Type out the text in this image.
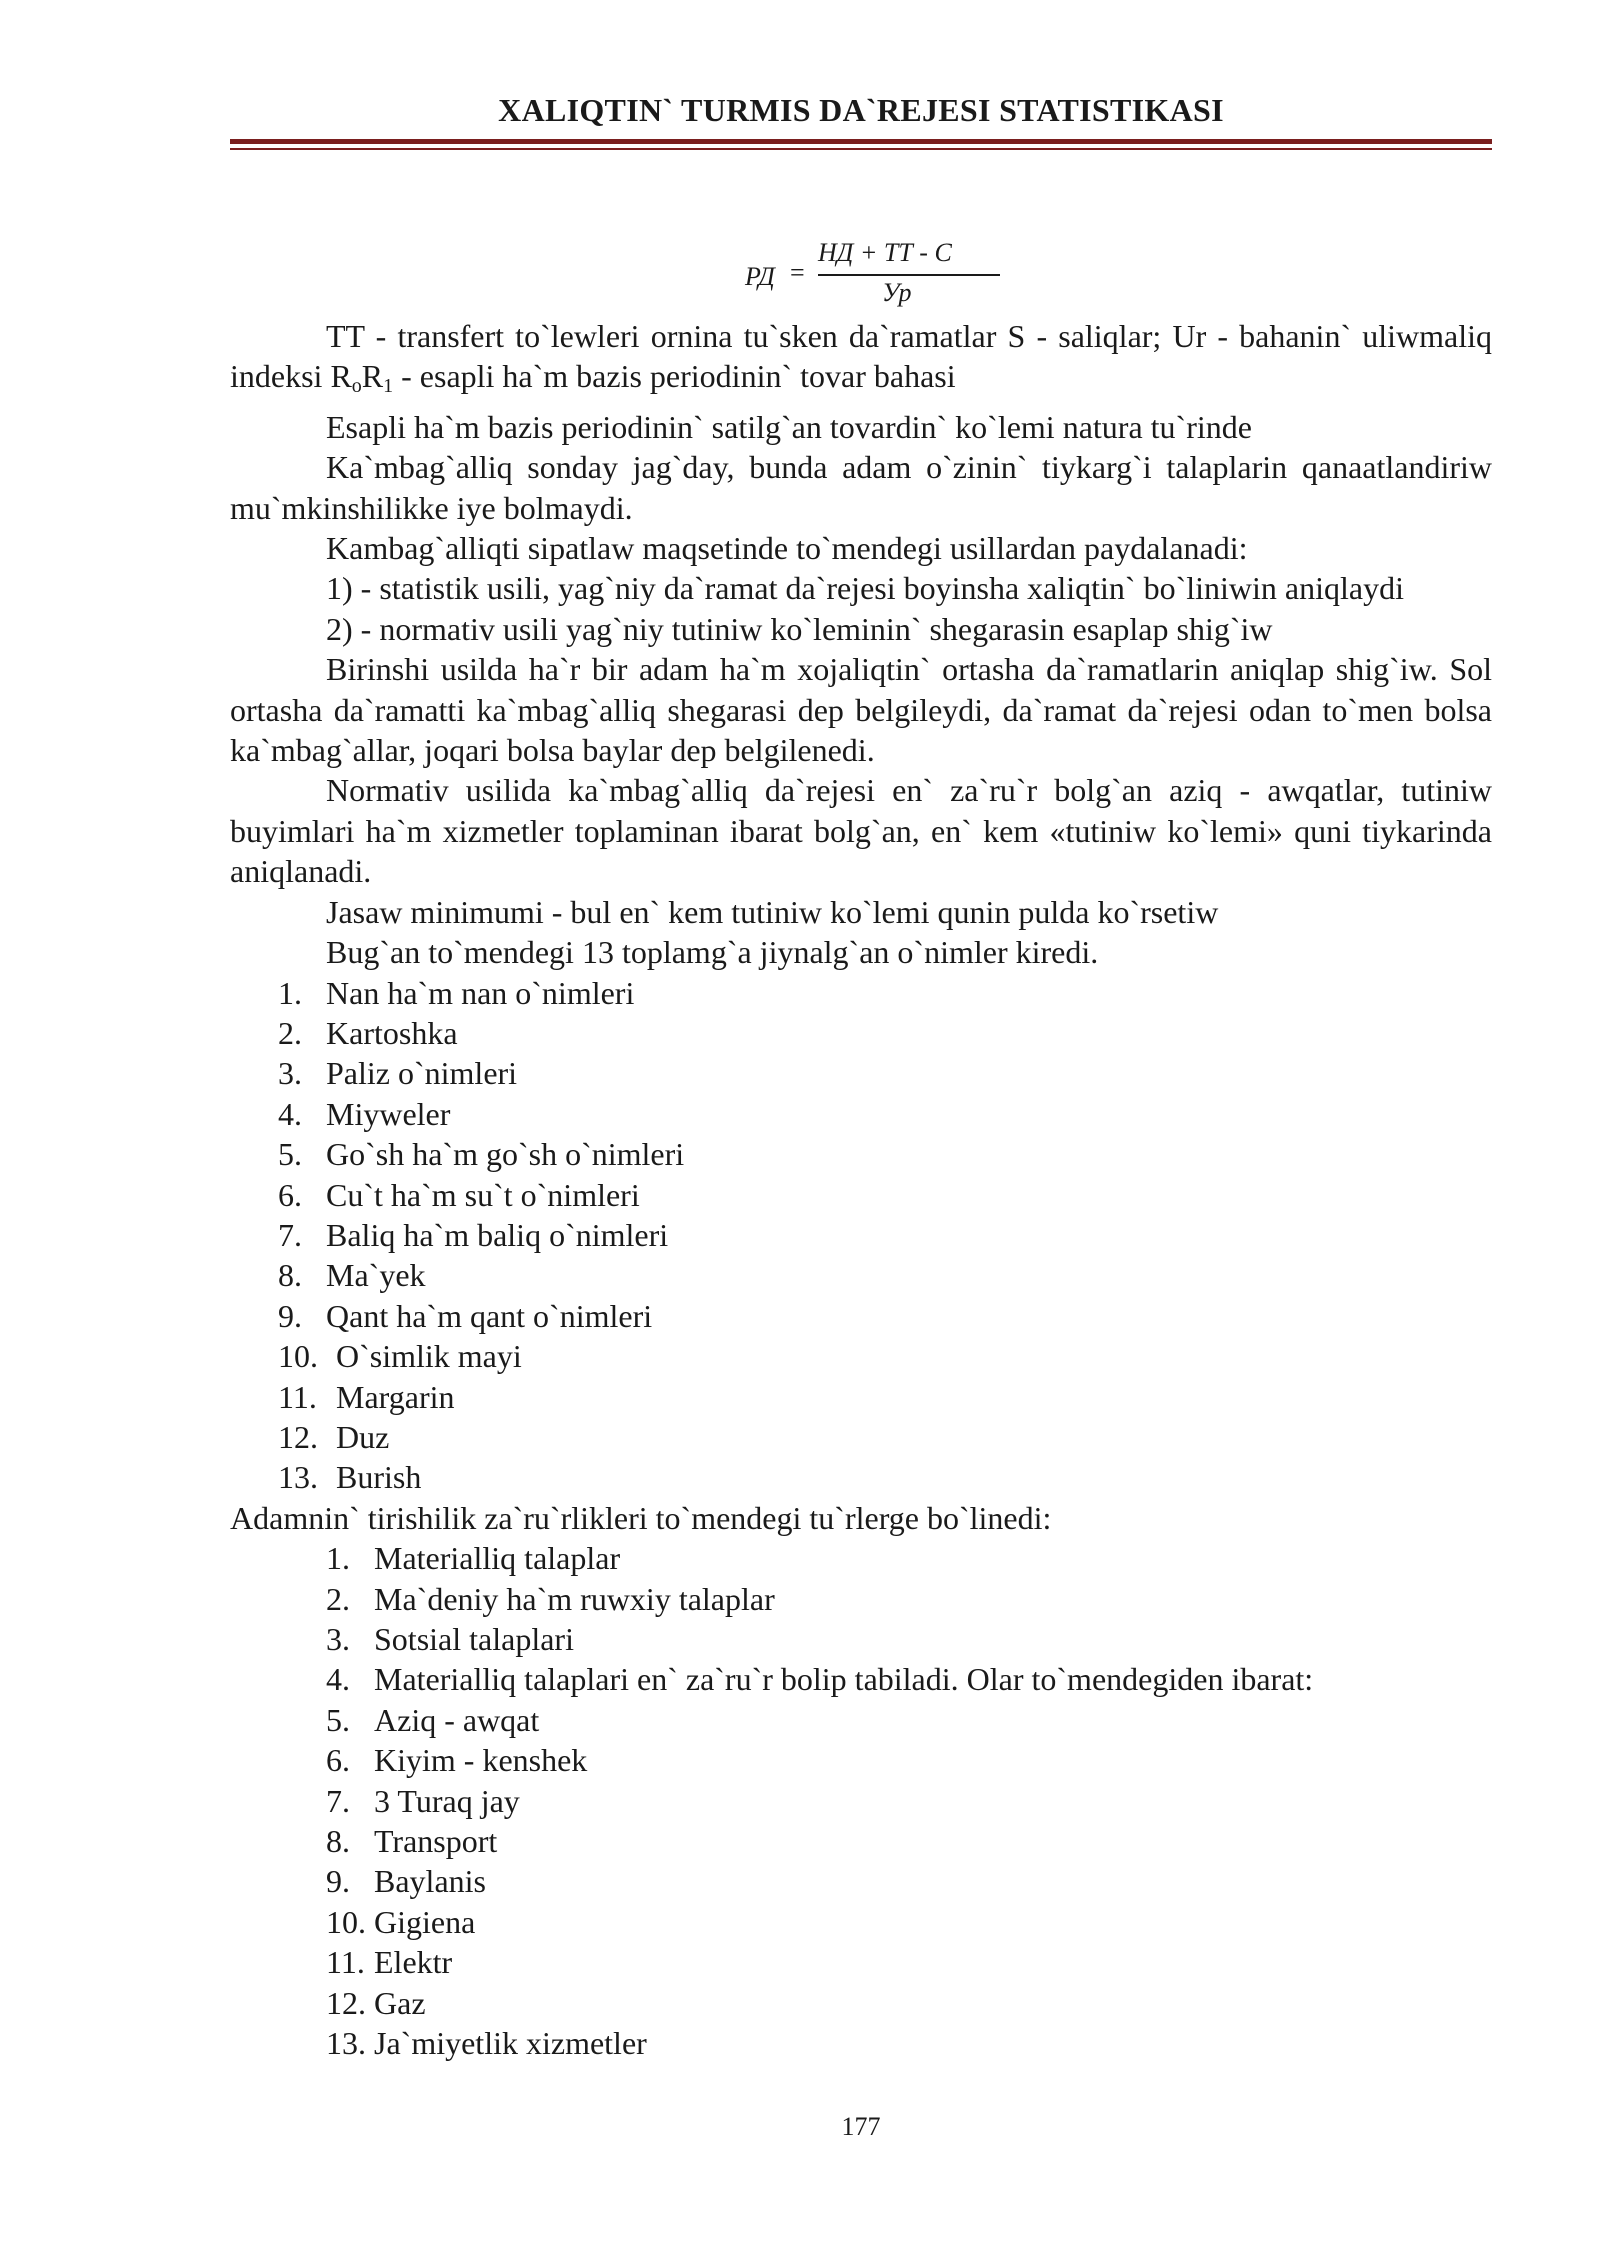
XALIQTIN` TURMIS DA`REJESI STATISTIKASI
РД =
НД + ТТ - С
Ур

TT - transfert to`lewleri ornina tu`sken da`ramatlar S - saliqlar; Ur - bahanin` uliwmaliq indeksi $R_oR_1$ - esapli ha`m bazis periodinin` tovar bahasi

Esapli ha`m bazis periodinin` satilg`an tovardin` ko`lemi natura tu`rinde

Ka`mbag`alliq sonday jag`day, bunda adam o`zinin` tiykarg`i talaplarin qanaatlandiriw mu`mkinshilikke iye bolmaydi.

Kambag`alliqti sipatlaw maqsetinde to`mendegi usillardan paydalanadi:

1) - statistik usili, yag`niy da`ramat da`rejesi boyinsha xaliqtin` bo`liniwin aniqlaydi

2) - normativ usili yag`niy tutiniw ko`leminin` shegarasin esaplap shig`iw

Birinshi usilda ha`r bir adam ha`m xojaliqtin` ortasha da`ramatlarin aniqlap shig`iw. Sol ortasha da`ramatti ka`mbag`alliq shegarasi dep belgileydi, da`ramat da`rejesi odan to`men bolsa ka`mbag`allar, joqari bolsa baylar dep belgilenedi.

Normativ usilida ka`mbag`alliq da`rejesi en` za`ru`r bolg`an aziq - awqatlar, tutiniw buyimlari ha`m xizmetler toplaminan ibarat bolg`an, en` kem «tutiniw ko`lemi» quni tiykarinda aniqlanadi.

Jasaw minimumi - bul en` kem tutiniw ko`lemi qunin pulda ko`rsetiw

Bug`an to`mendegi 13 toplamg`a jiynalg`an o`nimler kiredi.

1. Nan ha`m nan o`nimleri
2. Kartoshka
3. Paliz o`nimleri
4. Miyweler
5. Go`sh ha`m go`sh o`nimleri
6. Cu`t ha`m su`t o`nimleri
7. Baliq ha`m baliq o`nimleri
8. Ma`yek
9. Qant ha`m qant o`nimleri
10. O`simlik mayi
11. Margarin
12. Duz
13. Burish

Adamnin` tirishilik za`ru`rlikleri to`mendegi tu`rlerge bo`linedi:

1. Materialliq talaplar
2. Ma`deniy ha`m ruwxiy talaplar
3. Sotsial talaplari
4. Materialliq talaplari en` za`ru`r bolip tabiladi. Olar to`mendegiden ibarat:
5. Aziq - awqat
6. Kiyim - kenshek
7. 3 Turaq jay
8. Transport
9. Baylanis
10. Gigiena
11. Elektr
12. Gaz
13. Ja`miyetlik xizmetler
177
